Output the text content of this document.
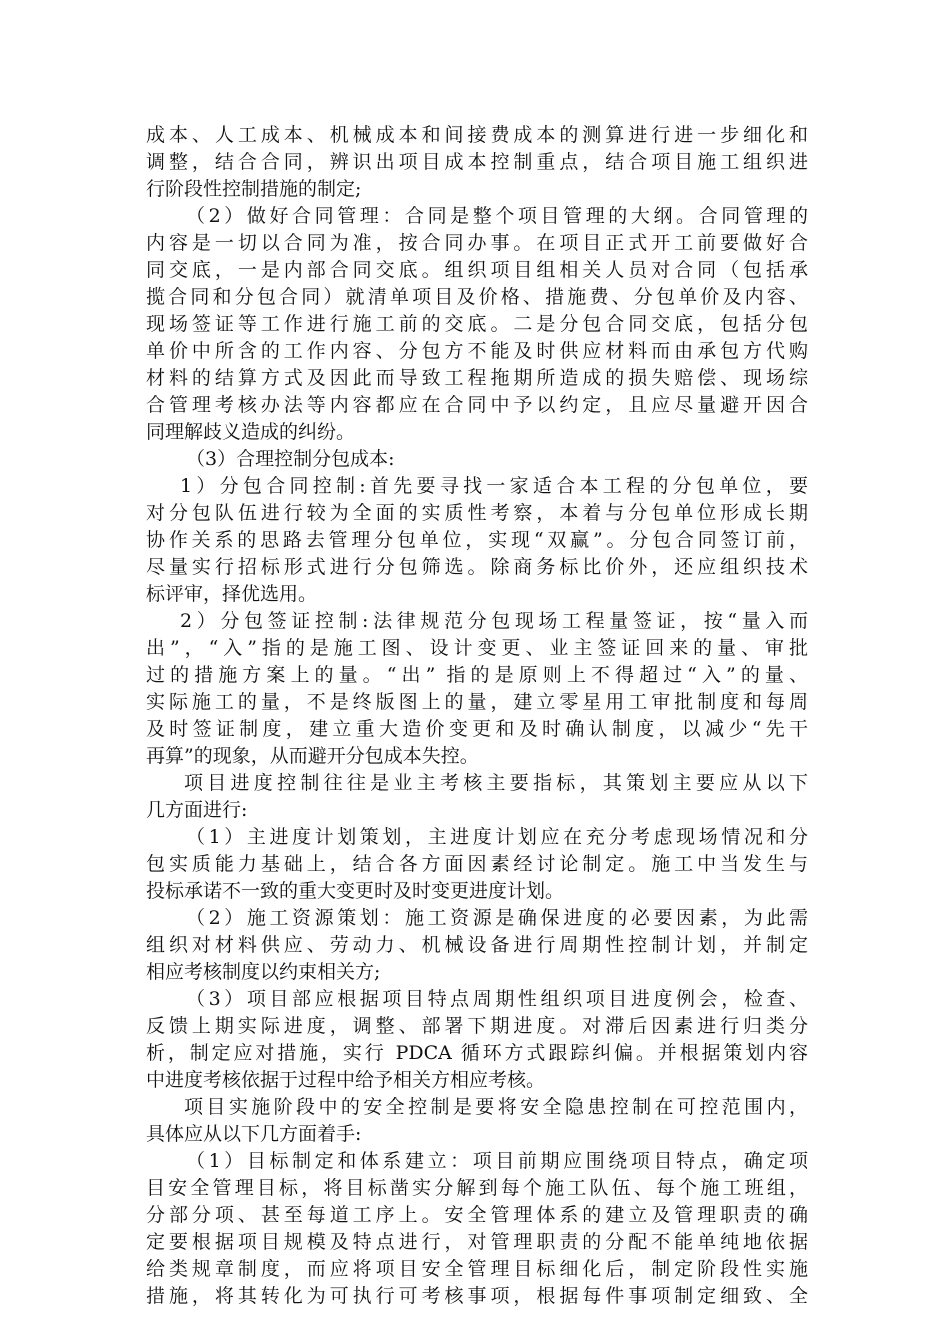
成本、人工成本、机械成本和间接费成本的测算进行进一步细化和
调整，结合合同，辨识出项目成本控制重点，结合项目施工组织进
行阶段性控制措施的制定;
（2）做好合同管理：合同是整个项目管理的大纲。合同管理的
内容是一切以合同为准，按合同办事。在项目正式开工前要做好合
同交底，一是内部合同交底。组织项目组相关人员对合同（包括承
揽合同和分包合同）就清单项目及价格、措施费、分包单价及内容、
现场签证等工作进行施工前的交底。二是分包合同交底，包括分包
单价中所含的工作内容、分包方不能及时供应材料而由承包方代购
材料的结算方式及因此而导致工程拖期所造成的损失赔偿、现场综
合管理考核办法等内容都应在合同中予以约定，且应尽量避开因合
同理解歧义造成的纠纷。
（3）合理控制分包成本:
1）分包合同控制:首先要寻找一家适合本工程的分包单位，要
对分包队伍进行较为全面的实质性考察，本着与分包单位形成长期
协作关系的思路去管理分包单位，实现“双赢”。分包合同签订前，
尽量实行招标形式进行分包筛选。除商务标比价外，还应组织技术
标评审，择优选用。
2）分包签证控制:法律规范分包现场工程量签证，按“量入而
出”，“入”指的是施工图、设计变更、业主签证回来的量、审批
过的措施方案上的量。“出” 指的是原则上不得超过“入”的量、
实际施工的量，不是终版图上的量，建立零星用工审批制度和每周
及时签证制度，建立重大造价变更和及时确认制度，以减少“先干
再算”的现象，从而避开分包成本失控。
项目进度控制往往是业主考核主要指标，其策划主要应从以下
几方面进行:
（1）主进度计划策划，主进度计划应在充分考虑现场情况和分
包实质能力基础上，结合各方面因素经讨论制定。施工中当发生与
投标承诺不一致的重大变更时及时变更进度计划。
（2）施工资源策划：施工资源是确保进度的必要因素，为此需
组织对材料供应、劳动力、机械设备进行周期性控制计划，并制定
相应考核制度以约束相关方;
（3）项目部应根据项目特点周期性组织项目进度例会，检查、
反馈上期实际进度，调整、部署下期进度。对滞后因素进行归类分
析，制定应对措施，实行 PDCA 循环方式跟踪纠偏。并根据策划内容
中进度考核依据于过程中给予相关方相应考核。
项目实施阶段中的安全控制是要将安全隐患控制在可控范围内，
具体应从以下几方面着手:
（1）目标制定和体系建立：项目前期应围绕项目特点，确定项
目安全管理目标，将目标凿实分解到每个施工队伍、每个施工班组，
分部分项、甚至每道工序上。安全管理体系的建立及管理职责的确
定要根据项目规模及特点进行，对管理职责的分配不能单纯地依据
给类规章制度，而应将项目安全管理目标细化后，制定阶段性实施
措施，将其转化为可执行可考核事项，根据每件事项制定细致、全
